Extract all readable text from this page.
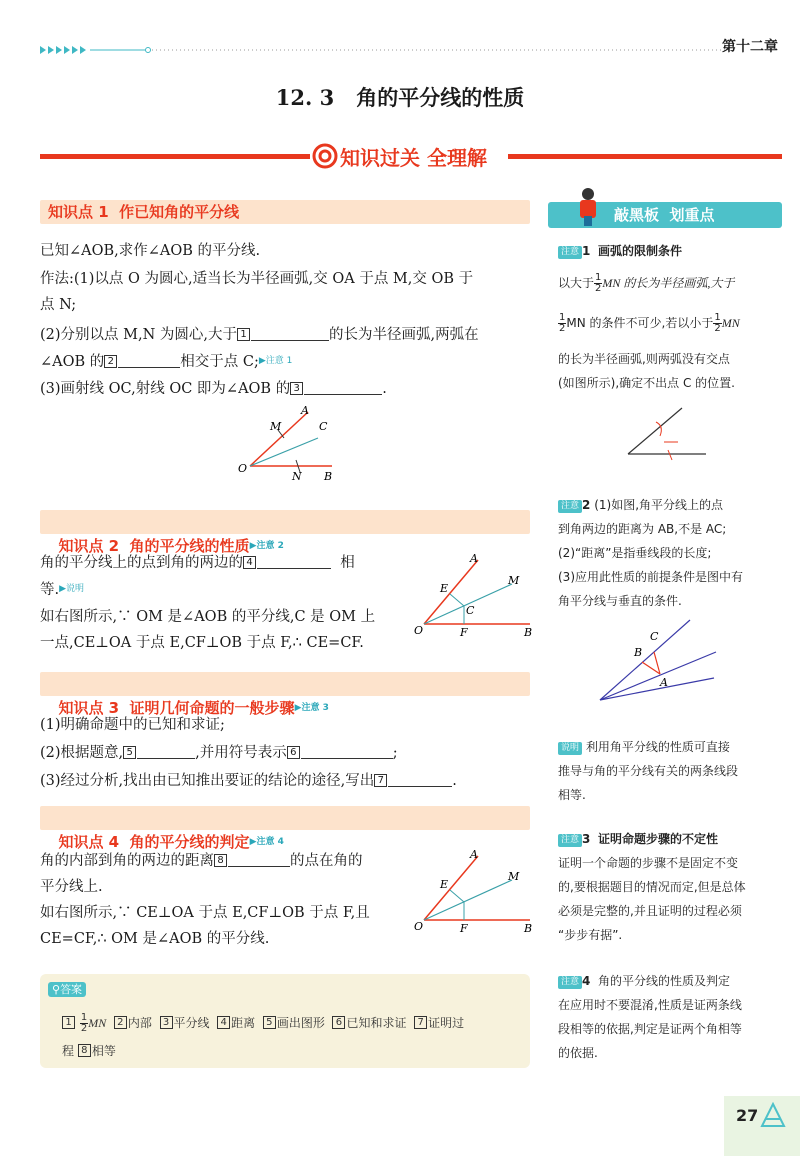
第十二章
12. 3 角的平分线的性质
知识过关 全理解
知识点 1  作已知角的平分线
已知∠AOB,求作∠AOB 的平分线.
作法:(1)以点 O 为圆心,适当长为半径画弧,交 OA 于点 M,交 OB 于
点 N;
(2)分别以点 M,N 为圆心,大于 1	的长为半径画弧,两弧在
∠AOB 的 2	相交于点 C;$^{▶注意 1}$
(3)画射线 OC,射线 OC 即为∠AOB 的 3	.
O
A
M	C
N B

知识点 2  角的平分线的性质$^{▶注意 2}$

角的平分线上的点到角的两边的 4	相
等.$^{▶说明}$
如右图所示,∵ OM 是∠AOB 的平分线,C 是 OM 上
一点,CE⊥OA 于点 E,CF⊥OB 于点 F,∴ CE=CF.
O
A
M
E
C
F	B

知识点 3  证明几何命题的一般步骤$^{▶注意 3}$

(1)明确命题中的已知和求证;
(2)根据题意, 5	,并用符号表示 6	;
(3)经过分析,找出由已知推出要证的结论的途径,写出 7	.

知识点 4  角的平分线的判定$^{▶注意 4}$

角的内部到角的两边的距离 8	的点在角的
平分线上.
如右图所示,∵ CE⊥OA 于点 E,CF⊥OB 于点 F,且
CE=CF,∴ OM 是∠AOB 的平分线.
O
A
M
E
F	B
⚲答案
$1 \frac{1}{2}$ MN 2 内部 3 平分线 4 距离 5 画出图形 6 已知和求证 7 证明过
程 8 相等
敲黑板 划重点
注意 1 画弧的限制条件
以大于 $\frac{1}{2}$ MN 的长为半径画弧,大于
$\frac{1}{2}$ MN 的条件不可少,若以小于 $\frac{1}{2}$ MN
的长为半径画弧,则两弧没有交点
(如图所示),确定不出点 C 的位置.
注意 2 (1)如图,角平分线上的点
到角两边的距离为 AB,不是 AC;
(2)“距离”是指垂线段的长度;
(3)应用此性质的前提条件是图中有
角平分线与垂直的条件.
C
B
A
说明 利用角平分线的性质可直接
推导与角的平分线有关的两条线段
相等.
注意 3 证明命题步骤的不定性
证明一个命题的步骤不是固定不变
的,要根据题目的情况而定,但是总体
必须是完整的,并且证明的过程必须
“步步有据”.
注意 4 角的平分线的性质及判定
在应用时不要混淆,性质是证两条线
段相等的依据,判定是证两个角相等
的依据.
27
